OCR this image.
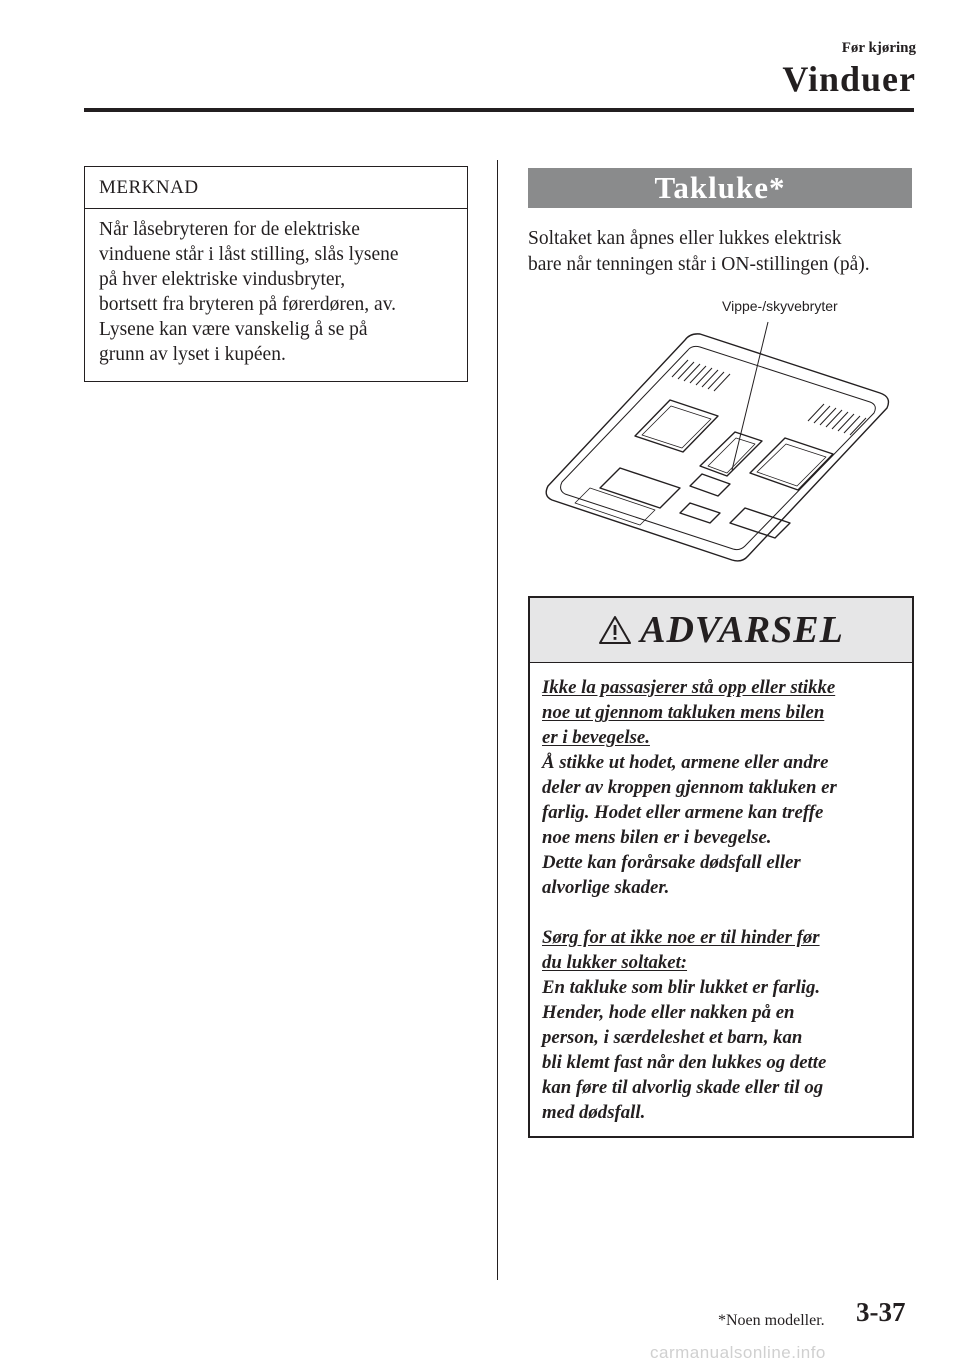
Før kjøring
Vinduer
MERKNAD
Når låsebryteren for de elektriske
vinduene står i låst stilling, slås lysene
på hver elektriske vindusbryter,
bortsett fra bryteren på førerdøren, av.
Lysene kan være vanskelig å se på
grunn av lyset i kupéen.
Takluke*
Soltaket kan åpnes eller lukkes elektrisk
bare når tenningen står i ON-stillingen (på).
Vippe-/skyvebryter
ADVARSEL
Ikke la passasjerer stå opp eller stikke
noe ut gjennom takluken mens bilen
er i bevegelse.
Å stikke ut hodet, armene eller andre
deler av kroppen gjennom takluken er
farlig. Hodet eller armene kan treffe
noe mens bilen er i bevegelse.
Dette kan forårsake dødsfall eller
alvorlige skader.
Sørg for at ikke noe er til hinder før
du lukker soltaket:
En takluke som blir lukket er farlig.
Hender, hode eller nakken på en
person, i særdeleshet et barn, kan
bli klemt fast når den lukkes og dette
kan føre til alvorlig skade eller til og
med dødsfall.
*Noen modeller. 3-37
carmanualsonline.info
